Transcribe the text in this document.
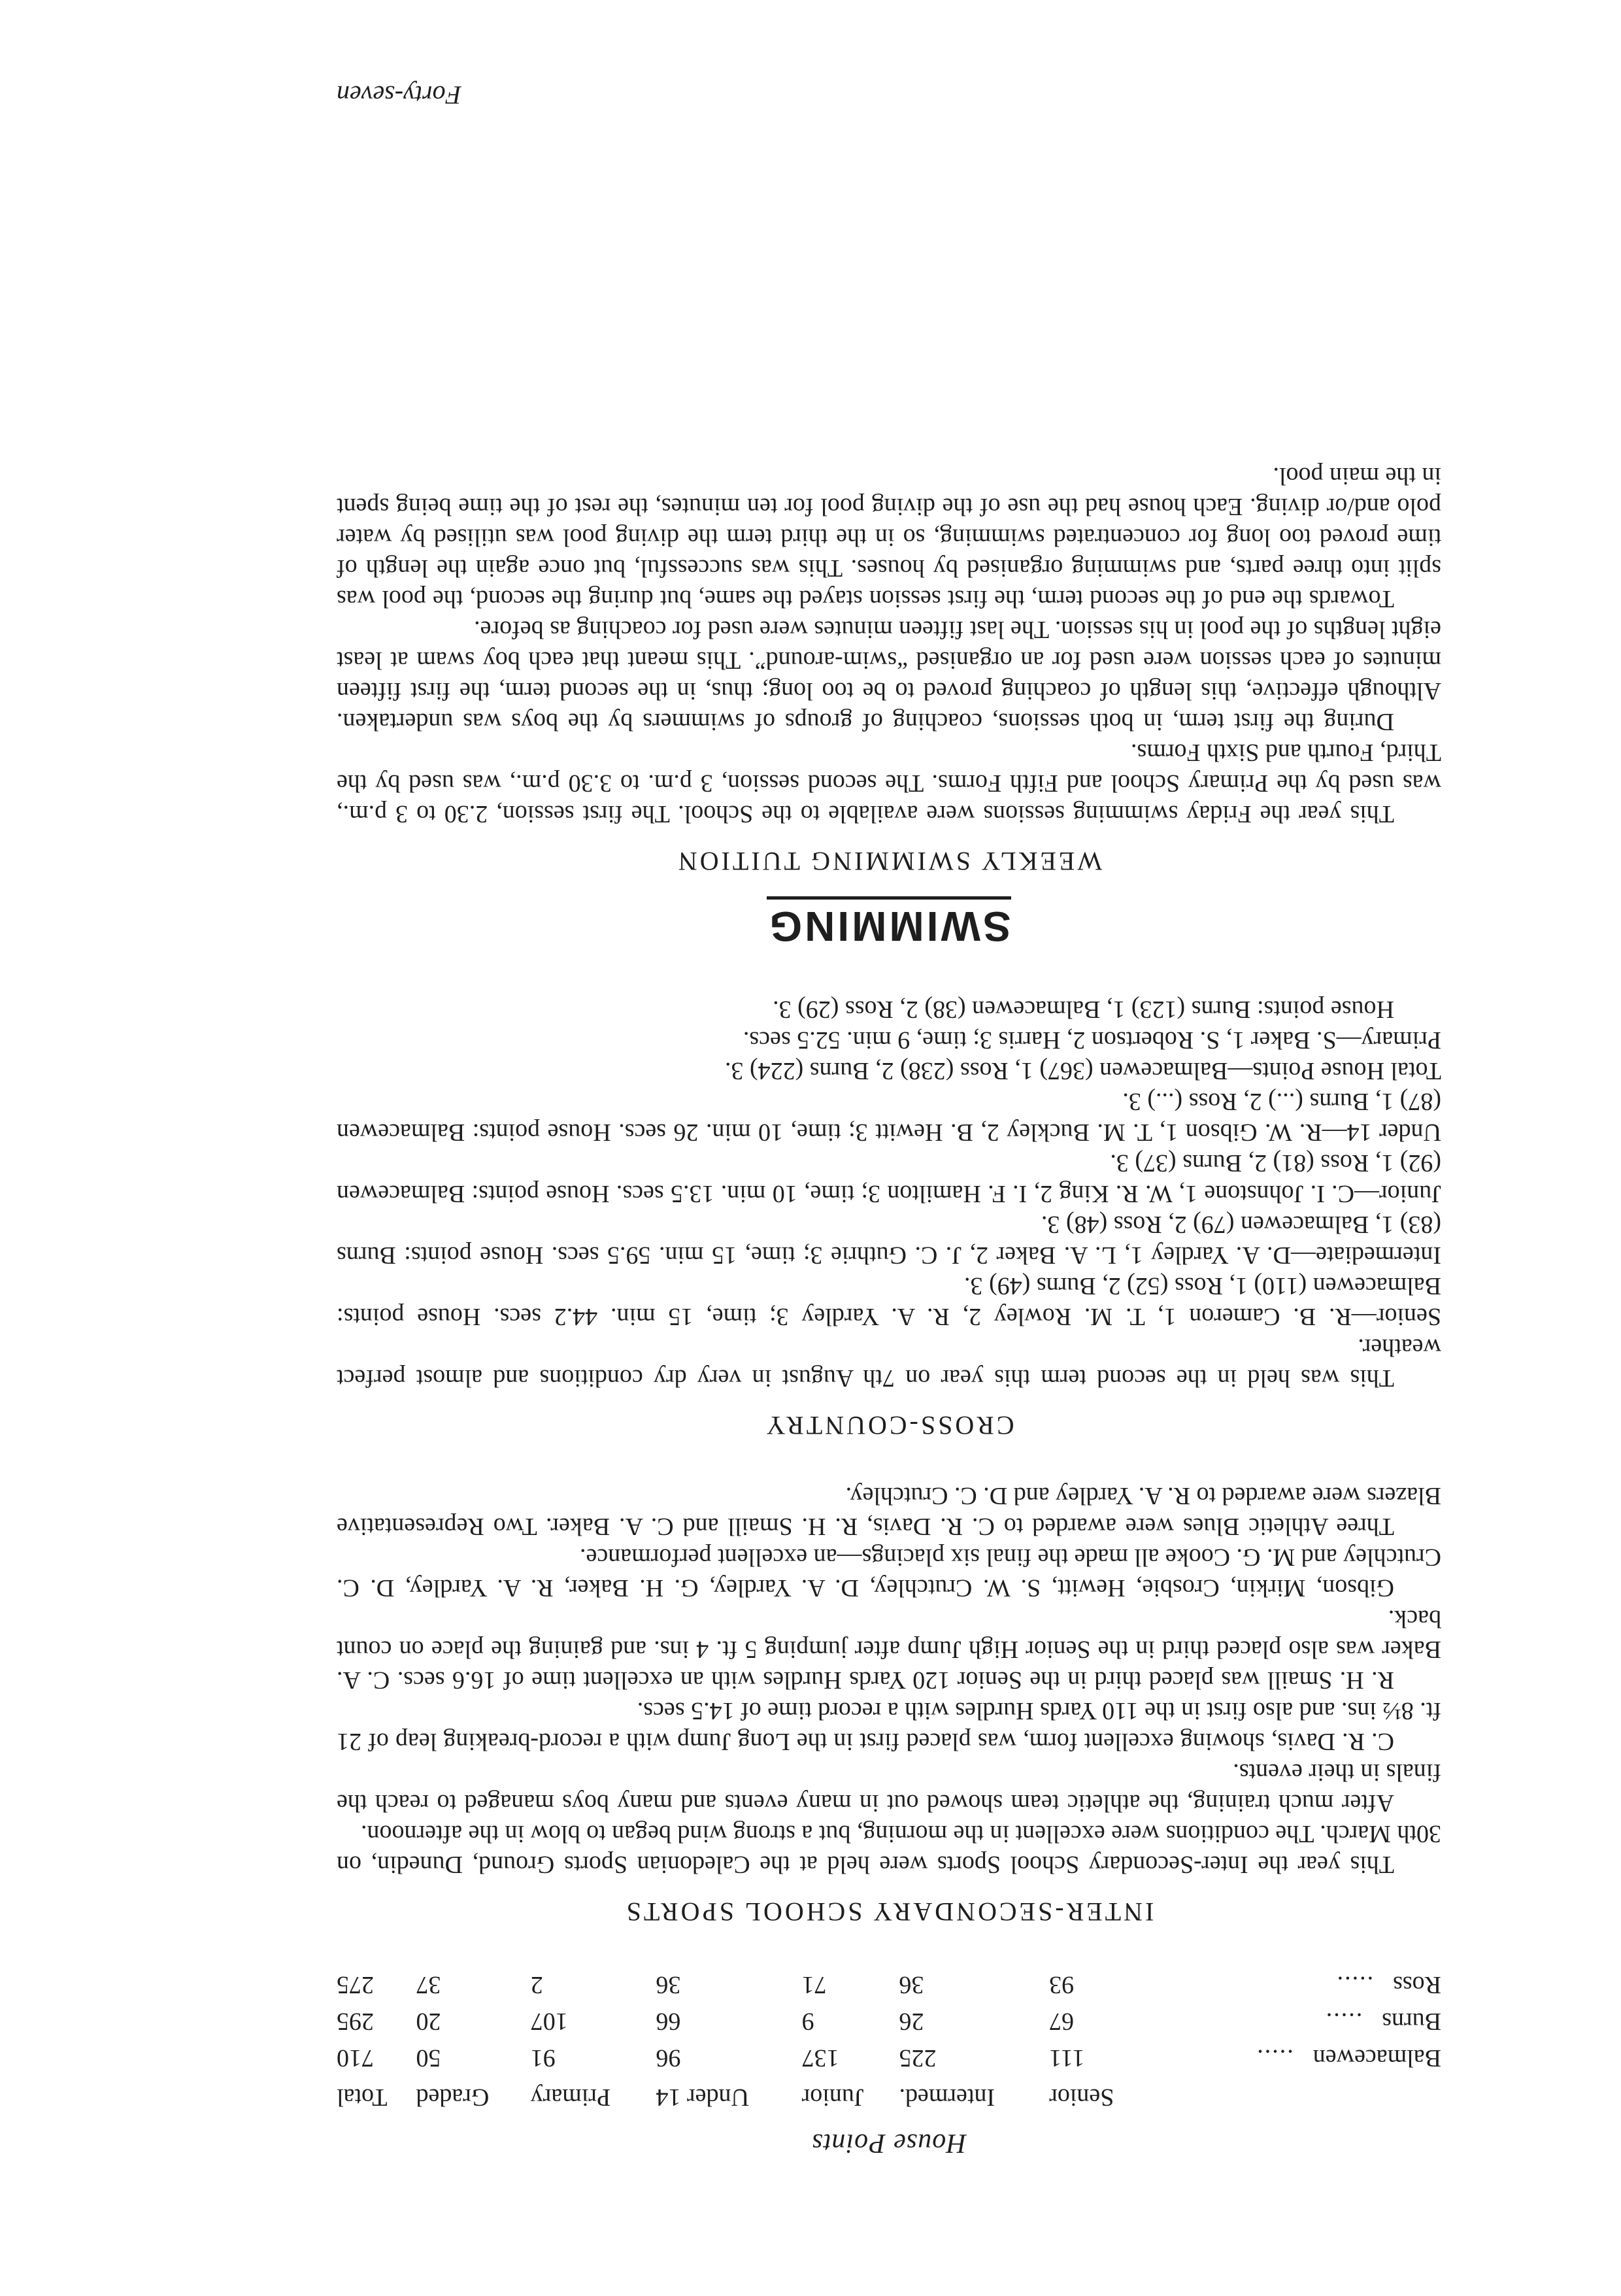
House Points
	Senior	Intermed.	Junior	Under 14	Primary	Graded	Total
Balmacewen.....	111	225	137	96	91	50	710
Burns.....	67	26	9	66	107	20	295
Ross.....	93	36	71	36	2	37	275
INTER-SECONDARY SCHOOL SPORTS

This year the Inter-Secondary School Sports were held at the Caledonian Sports Ground, Dunedin, on 30th March. The conditions were excellent in the morning, but a strong wind began to blow in the afternoon.

After much training, the athletic team showed out in many events and many boys managed to reach the finals in their events.

C. R. Davis, showing excellent form, was placed first in the Long Jump with a record-breaking leap of 21 ft. 8½ ins. and also first in the 110 Yards Hurdles with a record time of 14.5 secs.

R. H. Smaill was placed third in the Senior 120 Yards Hurdles with an excellent time of 16.6 secs. C. A. Baker was also placed third in the Senior High Jump after jumping 5 ft. 4 ins. and gaining the place on count back.

Gibson, Mirkin, Crosbie, Hewitt, S. W. Crutchley, D. A. Yardley, G. H. Baker, R. A. Yardley, D. C. Crutchley and M. G. Cooke all made the final six placings—an excellent performance.

Three Athletic Blues were awarded to C. R. Davis, R. H. Smaill and C. A. Baker. Two Representative Blazers were awarded to R. A. Yardley and D. C. Crutchley.

CROSS-COUNTRY

This was held in the second term this year on 7th August in very dry conditions and almost perfect weather.

Senior—R. B. Cameron 1, T. M. Rowley 2, R. A. Yardley 3; time, 15 min. 44.2 secs. House points: Balmacewen (110) 1, Ross (52) 2, Burns (49) 3.

Intermediate—D. A. Yardley 1, L. A. Baker 2, J. C. Guthrie 3; time, 15 min. 59.5 secs. House points: Burns (83) 1, Balmacewen (79) 2, Ross (48) 3.

Junior—C. I. Johnstone 1, W. R. King 2, I. F. Hamilton 3; time, 10 min. 13.5 secs. House points: Balmacewen (92) 1, Ross (81) 2, Burns (37) 3.

Under 14—R. W. Gibson 1, T. M. Buckley 2, B. Hewitt 3; time, 10 min. 26 secs. House points: Balmacewen (87) 1, Burns (...) 2, Ross (...) 3.

Total House Points—Balmacewen (367) 1, Ross (238) 2, Burns (224) 3.

Primary—S. Baker 1, S. Robertson 2, Harris 3; time, 9 min. 52.5 secs.

House points: Burns (123) 1, Balmacewen (38) 2, Ross (29) 3.

SWIMMING
WEEKLY SWIMMING TUITION

This year the Friday swimming sessions were available to the School. The first session, 2.30 to 3 p.m., was used by the Primary School and Fifth Forms. The second session, 3 p.m. to 3.30 p.m., was used by the Third, Fourth and Sixth Forms.

During the first term, in both sessions, coaching of groups of swimmers by the boys was undertaken. Although effective, this length of coaching proved to be too long; thus, in the second term, the first fifteen minutes of each session were used for an organised “swim-around”. This meant that each boy swam at least eight lengths of the pool in his session. The last fifteen minutes were used for coaching as before.

Towards the end of the second term, the first session stayed the same, but during the second, the pool was split into three parts, and swimming organised by houses. This was successful, but once again the length of time proved too long for concentrated swimming, so in the third term the diving pool was utilised by water polo and/or diving. Each house had the use of the diving pool for ten minutes, the rest of the time being spent in the main pool.

Forty-seven
